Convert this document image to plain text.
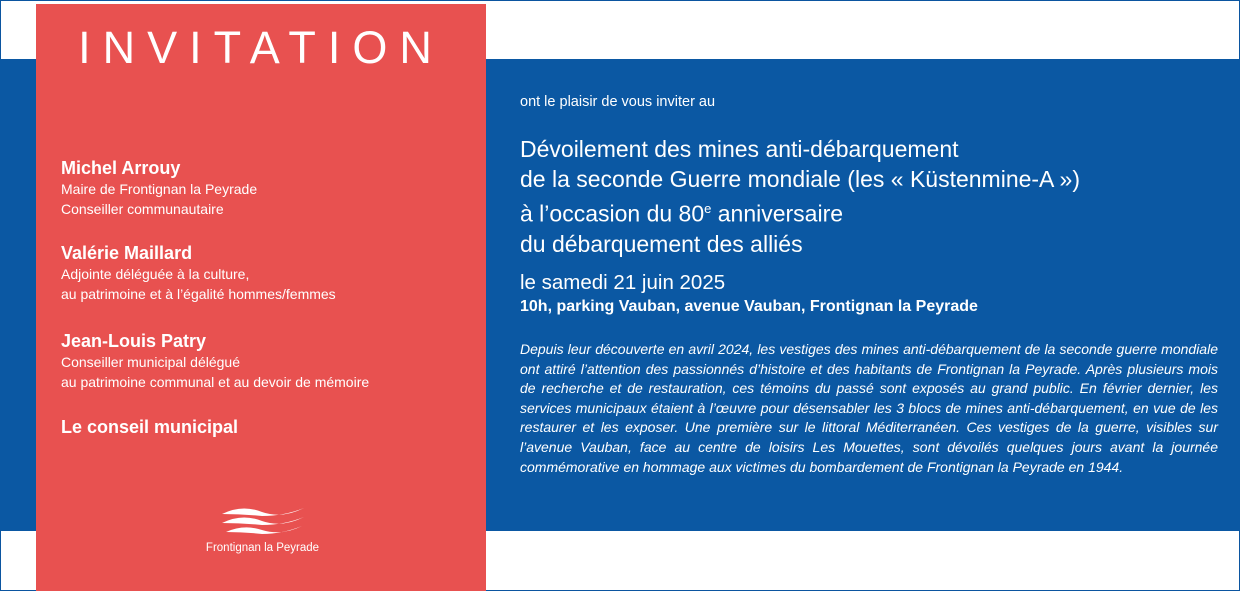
INVITATION
Michel Arrouy
Maire de Frontignan la Peyrade
Conseiller communautaire
Valérie Maillard
Adjointe déléguée à la culture,
au patrimoine et à l’égalité hommes/femmes
Jean-Louis Patry
Conseiller municipal délégué
au patrimoine communal et au devoir de mémoire
Le conseil municipal
Frontignan la Peyrade
ont le plaisir de vous inviter au
Dévoilement des mines anti-débarquement
de la seconde Guerre mondiale (les « Küstenmine-A »)
à l’occasion du 80e anniversaire
du débarquement des alliés
le samedi 21 juin 2025
10h, parking Vauban, avenue Vauban, Frontignan la Peyrade
Depuis leur découverte en avril 2024, les vestiges des mines anti-débarquement de la seconde guerre mondiale ont attiré l’attention des passionnés d’histoire et des habitants de Frontignan la Peyrade. Après plusieurs mois de recherche et de restauration, ces témoins du passé sont exposés au grand public. En février dernier, les services municipaux étaient à l’œuvre pour désensabler les 3 blocs de mines anti-débarquement, en vue de les restaurer et les exposer. Une première sur le littoral Méditerranéen. Ces vestiges de la guerre, visibles sur l’avenue Vauban, face au centre de loisirs Les Mouettes, sont dévoilés quelques jours avant la journée commémorative en hommage aux victimes du bombardement de Frontignan la Peyrade en 1944.
